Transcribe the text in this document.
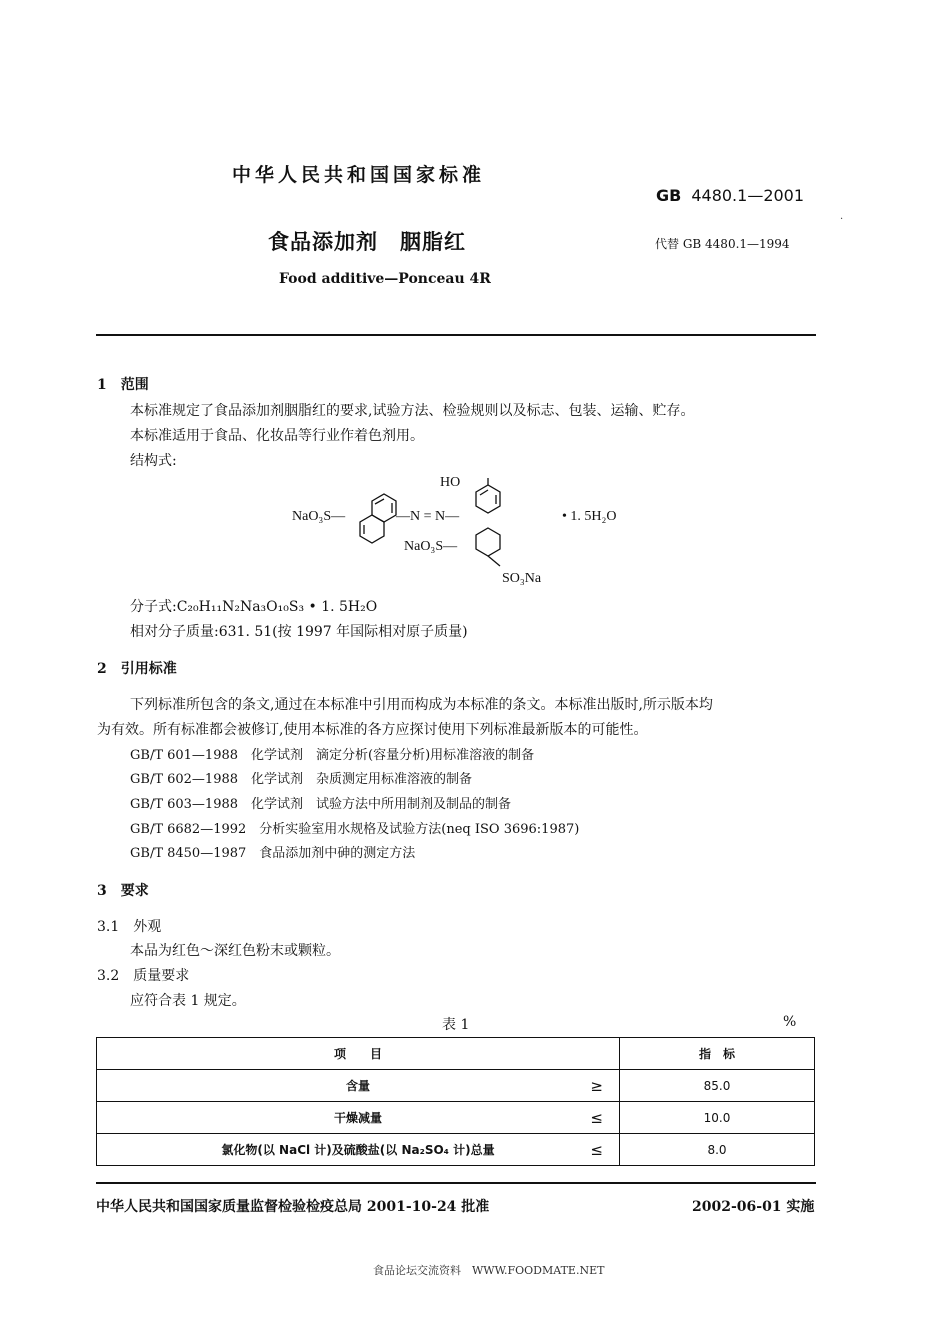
中华人民共和国国家标准
GB 4480.1—2001
食品添加剂　胭脂红	代替 GB 4480.1—1994
Food additive—Ponceau 4R
·
1　范围
本标准规定了食品添加剂胭脂红的要求,试验方法、检验规则以及标志、包装、运输、贮存。
本标准适用于食品、化妆品等行业作着色剂用。
结构式:
NaO₃S—	—N = N—
HO
NaO₃S—
SO₃Na
• 1. 5H₂O
分子式:C₂₀H₁₁N₂Na₃O₁₀S₃ • 1. 5H₂O
相对分子质量:631. 51(按 1997 年国际相对原子质量)
2　引用标准
下列标准所包含的条文,通过在本标准中引用而构成为本标准的条文。本标准出版时,所示版本均
为有效。所有标准都会被修订,使用本标准的各方应探讨使用下列标准最新版本的可能性。
GB/T 601—1988　化学试剂　滴定分析(容量分析)用标准溶液的制备
GB/T 602—1988　化学试剂　杂质测定用标准溶液的制备
GB/T 603—1988　化学试剂　试验方法中所用制剂及制品的制备
GB/T 6682—1992　分析实验室用水规格及试验方法(neq ISO 3696:1987)
GB/T 8450—1987　食品添加剂中砷的测定方法
3　要求
3.1　外观
本品为红色～深红色粉末或颗粒。
3.2　质量要求
应符合表 1 规定。
表 1	%
项　　目	指　标
含量 ≥	85.0
干燥减量 ≤	10.0
氯化物(以 NaCl 计)及硫酸盐(以 Na₂SO₄ 计)总量 ≤	8.0
中华人民共和国国家质量监督检验检疫总局 2001-10-24 批准	2002-06-01 实施
食品论坛交流资料　WWW.FOODMATE.NET
